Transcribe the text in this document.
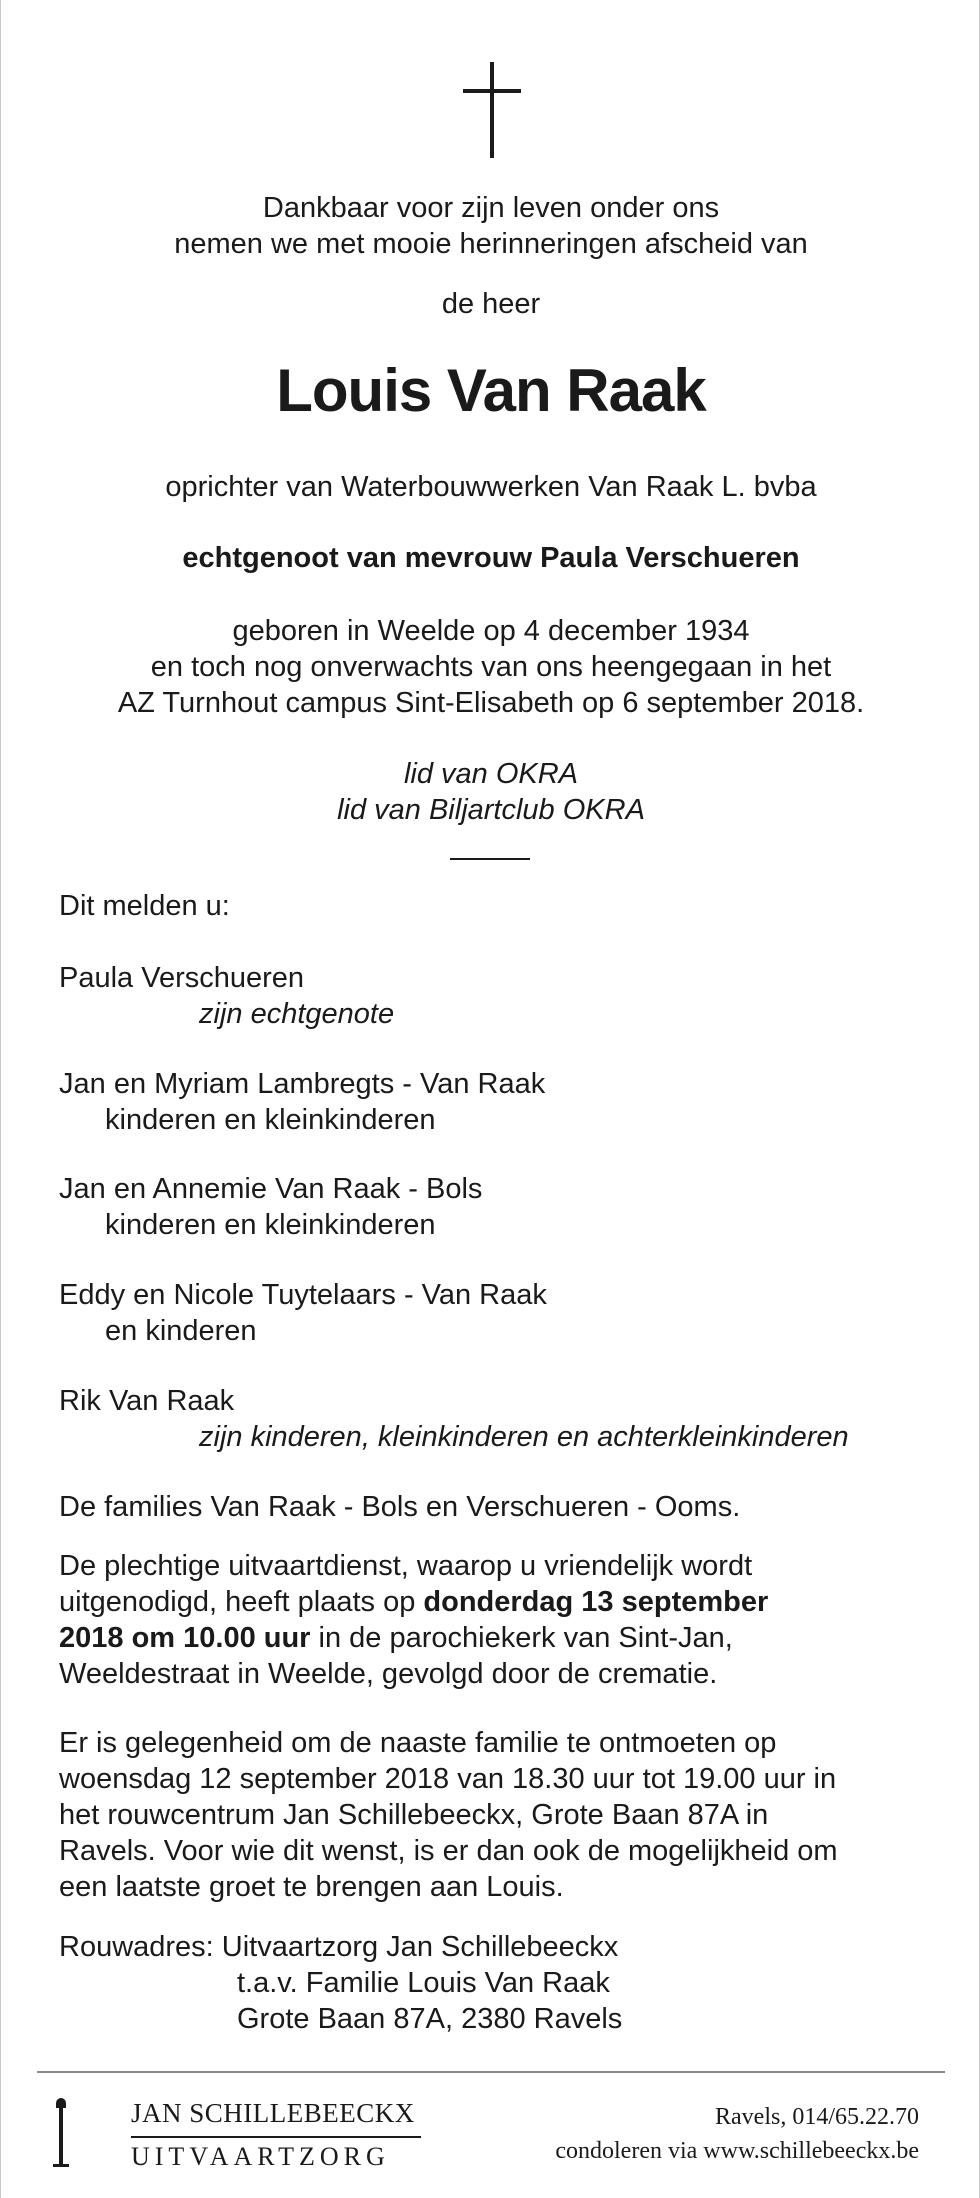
Dankbaar voor zijn leven onder ons
nemen we met mooie herinneringen afscheid van
de heer
Louis Van Raak
oprichter van Waterbouwwerken Van Raak L. bvba
echtgenoot van mevrouw Paula Verschueren
geboren in Weelde op 4 december 1934
en toch nog onverwachts van ons heengegaan in het
AZ Turnhout campus Sint-Elisabeth op 6 september 2018.
lid van OKRA
lid van Biljartclub OKRA
Dit melden u:
Paula Verschueren
zijn echtgenote
Jan en Myriam Lambregts - Van Raak
kinderen en kleinkinderen
Jan en Annemie Van Raak - Bols
kinderen en kleinkinderen
Eddy en Nicole Tuytelaars - Van Raak
en kinderen
Rik Van Raak
zijn kinderen, kleinkinderen en achterkleinkinderen
De families Van Raak - Bols en Verschueren - Ooms.
De plechtige uitvaartdienst, waarop u vriendelijk wordt
uitgenodigd, heeft plaats op donderdag 13 september
2018 om 10.00 uur in de parochiekerk van Sint-Jan,
Weeldestraat in Weelde, gevolgd door de crematie.
Er is gelegenheid om de naaste familie te ontmoeten op
woensdag 12 september 2018 van 18.30 uur tot 19.00 uur in
het rouwcentrum Jan Schillebeeckx, Grote Baan 87A in
Ravels. Voor wie dit wenst, is er dan ook de mogelijkheid om
een laatste groet te brengen aan Louis.
Rouwadres: Uitvaartzorg Jan Schillebeeckx
t.a.v. Familie Louis Van Raak
Grote Baan 87A, 2380 Ravels
JAN SCHILLEBEECKX
UITVAARTZORG
Ravels, 014/65.22.70
condoleren via www.schillebeeckx.be
